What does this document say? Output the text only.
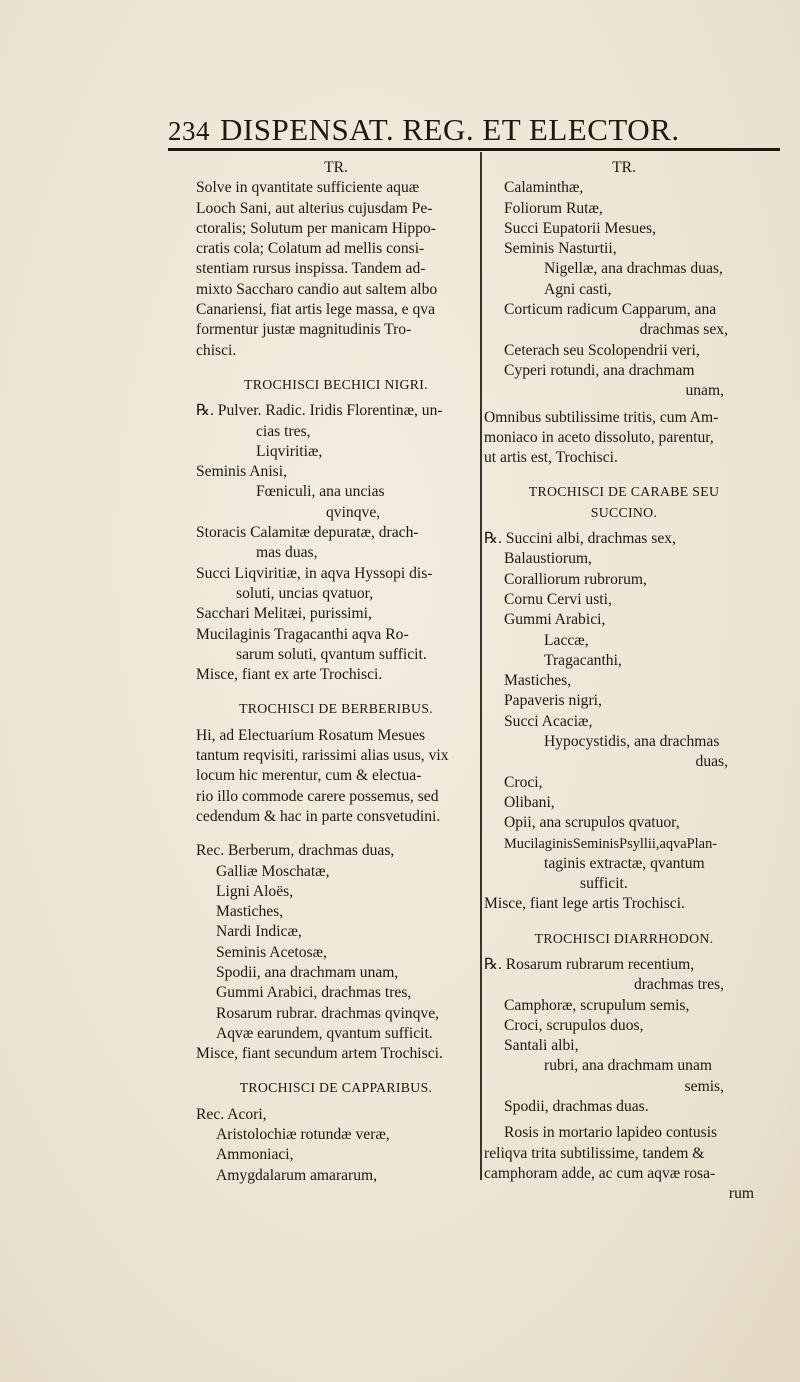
234 DISPENSAT. REG. ET ELECTOR.

TR.

Solve in qvantitate sufficiente aquæ

Looch Sani, aut alterius cujusdam Pe-

ctoralis; Solutum per manicam Hippo-

cratis cola; Colatum ad mellis consi-

stentiam rursus inspissa. Tandem ad-

mixto Saccharo candio aut saltem albo

Canariensi, fiat artis lege massa, e qva

formentur justæ magnitudinis Tro-

chisci.

TROCHISCI BECHICI NIGRI.

℞. Pulver. Radic. Iridis Florentinæ, un-

cias tres,

Liqviritiæ,

Seminis Anisi,

Fœniculi, ana uncias

qvinqve,

Storacis Calamitæ depuratæ, drach-

mas duas,

Succi Liqviritiæ, in aqva Hyssopi dis-

soluti, uncias qvatuor,

Sacchari Melitæi, purissimi,

Mucilaginis Tragacanthi aqva Ro-

sarum soluti, qvantum sufficit.

Misce, fiant ex arte Trochisci.

TROCHISCI DE BERBERIBUS.

Hi, ad Electuarium Rosatum Mesues

tantum reqvisiti, rarissimi alias usus, vix

locum hic merentur, cum & electua-

rio illo commode carere possemus, sed

cedendum & hac in parte consvetudini.

Rec. Berberum, drachmas duas,

Galliæ Moschatæ,

Ligni Aloës,

Mastiches,

Nardi Indicæ,

Seminis Acetosæ,

Spodii, ana drachmam unam,

Gummi Arabici, drachmas tres,

Rosarum rubrar. drachmas qvinqve,

Aqvæ earundem, qvantum sufficit.

Misce, fiant secundum artem Trochisci.

TROCHISCI DE CAPPARIBUS.

Rec. Acori,

Aristolochiæ rotundæ veræ,

Ammoniaci,

Amygdalarum amararum,

TR.

Calaminthæ,

Foliorum Rutæ,

Succi Eupatorii Mesues,

Seminis Nasturtii,

Nigellæ, ana drachmas duas,

Agni casti,

Corticum radicum Capparum, ana

drachmas sex,

Ceterach seu Scolopendrii veri,

Cyperi rotundi, ana drachmam

unam,

Omnibus subtilissime tritis, cum Am-

moniaco in aceto dissoluto, parentur,

ut artis est, Trochisci.

TROCHISCI DE CARABE SEU

SUCCINO.

℞. Succini albi, drachmas sex,

Balaustiorum,

Coralliorum rubrorum,

Cornu Cervi usti,

Gummi Arabici,

Laccæ,

Tragacanthi,

Mastiches,

Papaveris nigri,

Succi Acaciæ,

Hypocystidis, ana drachmas

duas,

Croci,

Olibani,

Opii, ana scrupulos qvatuor,

MucilaginisSeminisPsyllii,aqvaPlan-

taginis extractæ, qvantum

sufficit.

Misce, fiant lege artis Trochisci.

TROCHISCI DIARRHODON.

℞. Rosarum rubrarum recentium,

drachmas tres,

Camphoræ, scrupulum semis,

Croci, scrupulos duos,

Santali albi,

rubri, ana drachmam unam

semis,

Spodii, drachmas duas.

Rosis in mortario lapideo contusis

reliqva trita subtilissime, tandem &

camphoram adde, ac cum aqvæ rosa-

rum
